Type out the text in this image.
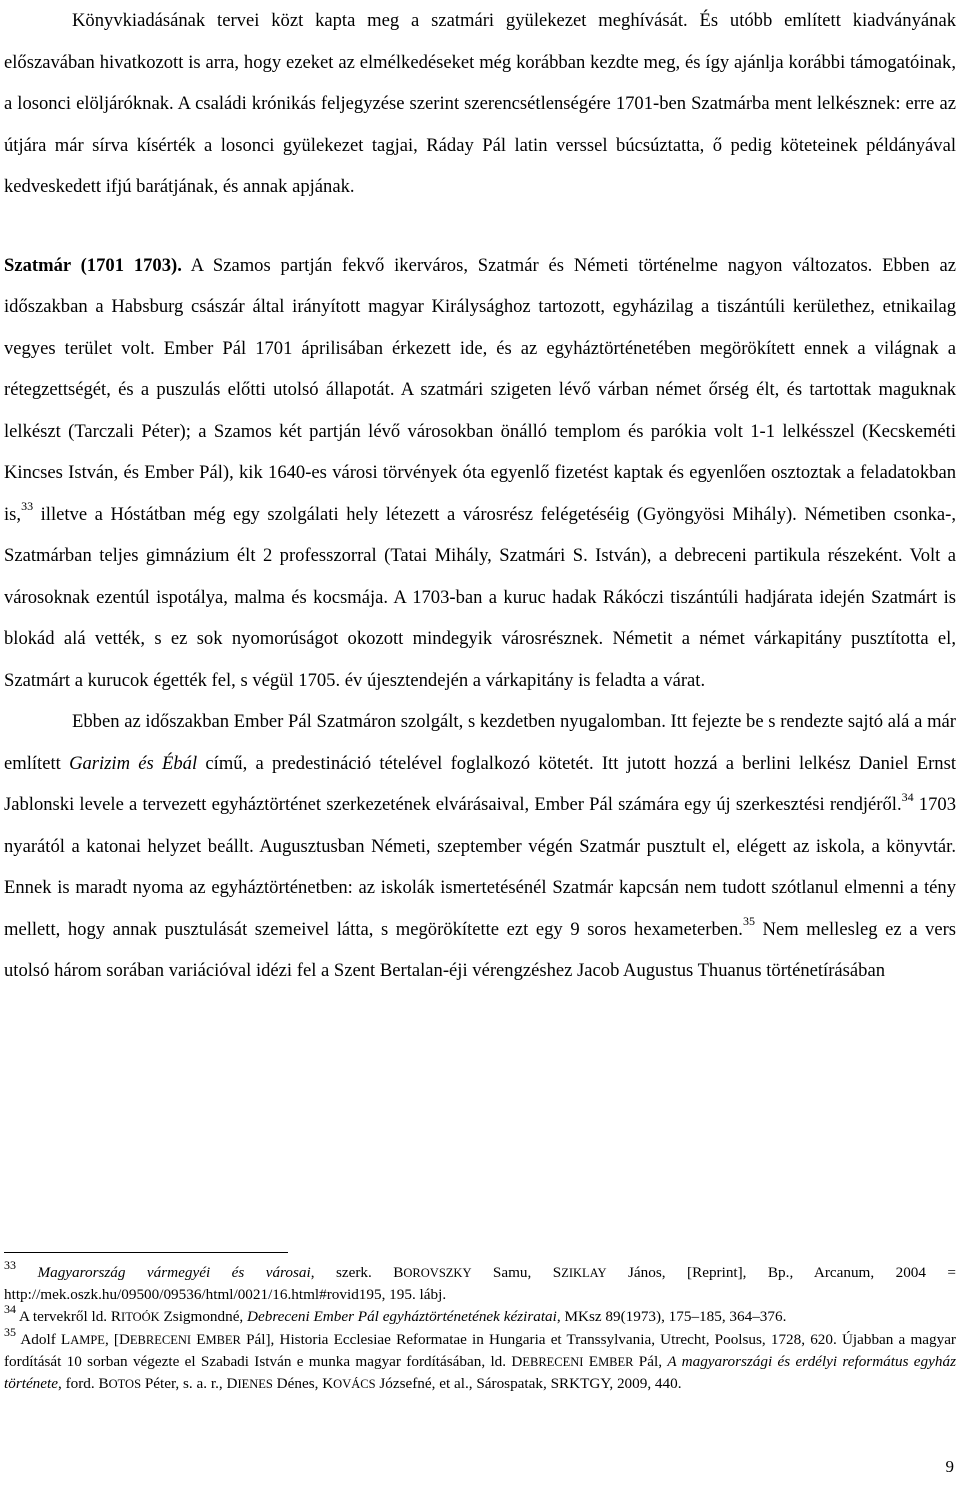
Könyvkiadásának tervei közt kapta meg a szatmári gyülekezet meghívását. És utóbb említett kiadványának előszavában hivatkozott is arra, hogy ezeket az elmélkedéseket még korábban kezdte meg, és így ajánlja korábbi támogatóinak, a losonci elöljáróknak. A családi krónikás feljegyzése szerint szerencsétlenségére 1701-ben Szatmárba ment lelkésznek: erre az útjára már sírva kísérték a losonci gyülekezet tagjai, Ráday Pál latin verssel búcsúztatta, ő pedig köteteinek példányával kedveskedett ifjú barátjának, és annak apjának.

Szatmár (1701 1703). A Szamos partján fekvő ikerváros, Szatmár és Németi történelme nagyon változatos. Ebben az időszakban a Habsburg császár által irányított magyar Királysághoz tartozott, egyházilag a tiszántúli kerülethez, etnikailag vegyes terület volt. Ember Pál 1701 áprilisában érkezett ide, és az egyháztörténetében megörökített ennek a világnak a rétegzettségét, és a puszulás előtti utolsó állapotát. A szatmári szigeten lévő várban német őrség élt, és tartottak maguknak lelkészt (Tarczali Péter); a Szamos két partján lévő városokban önálló templom és parókia volt 1-1 lelkésszel (Kecskeméti Kincses István, és Ember Pál), kik 1640-es városi törvények óta egyenlő fizetést kaptak és egyenlően osztoztak a feladatokban is,$^{33}$ illetve a Hóstátban még egy szolgálati hely létezett a városrész felégetéséig (Gyöngyösi Mihály). Németiben csonka-, Szatmárban teljes gimnázium élt 2 professzorral (Tatai Mihály, Szatmári S. István), a debreceni partikula részeként. Volt a városoknak ezentúl ispotálya, malma és kocsmája. A 1703-ban a kuruc hadak Rákóczi tiszántúli hadjárata idején Szatmárt is blokád alá vették, s ez sok nyomorúságot okozott mindegyik városrésznek. Németit a német várkapitány pusztította el, Szatmárt a kurucok égették fel, s végül 1705. év újesztendején a várkapitány is feladta a várat.

Ebben az időszakban Ember Pál Szatmáron szolgált, s kezdetben nyugalomban. Itt fejezte be s rendezte sajtó alá a már említett Garizim és Ébál című, a predestináció tételével foglalkozó kötetét. Itt jutott hozzá a berlini lelkész Daniel Ernst Jablonski levele a tervezett egyháztörténet szerkezetének elvárásaival, Ember Pál számára egy új szerkesztési rendjéről.$^{34}$ 1703 nyarától a katonai helyzet beállt. Augusztusban Németi, szeptember végén Szatmár pusztult el, elégett az iskola, a könyvtár. Ennek is maradt nyoma az egyháztörténetben: az iskolák ismertetésénél Szatmár kapcsán nem tudott szótlanul elmenni a tény mellett, hogy annak pusztulását szemeivel látta, s megörökítette ezt egy 9 soros hexameterben.$^{35}$ Nem mellesleg ez a vers utolsó három sorában variációval idézi fel a Szent Bertalan-éji vérengzéshez Jacob Augustus Thuanus történetírásában

$^{33}$ Magyarország vármegyéi és városai, szerk. BOROVSZKY Samu, SZIKLAY János, [Reprint], Bp., Arcanum, 2004 = http://mek.oszk.hu/09500/09536/html/0021/16.html#rovid195, 195. lábj.

$^{34}$ A tervekről ld. RITOÓK Zsigmondné, Debreceni Ember Pál egyháztörténetének kéziratai, MKsz 89(1973), 175–185, 364–376.

$^{35}$ Adolf LAMPE, [DEBRECENI EMBER Pál], Historia Ecclesiae Reformatae in Hungaria et Transsylvania, Utrecht, Poolsus, 1728, 620. Újabban a magyar fordítását 10 sorban végezte el Szabadi István e munka magyar fordításában, ld. DEBRECENI EMBER Pál, A magyarországi és erdélyi református egyház története, ford. BOTOS Péter, s. a. r., DIENES Dénes, KOVÁCS Józsefné, et al., Sárospatak, SRKTGY, 2009, 440.

9
